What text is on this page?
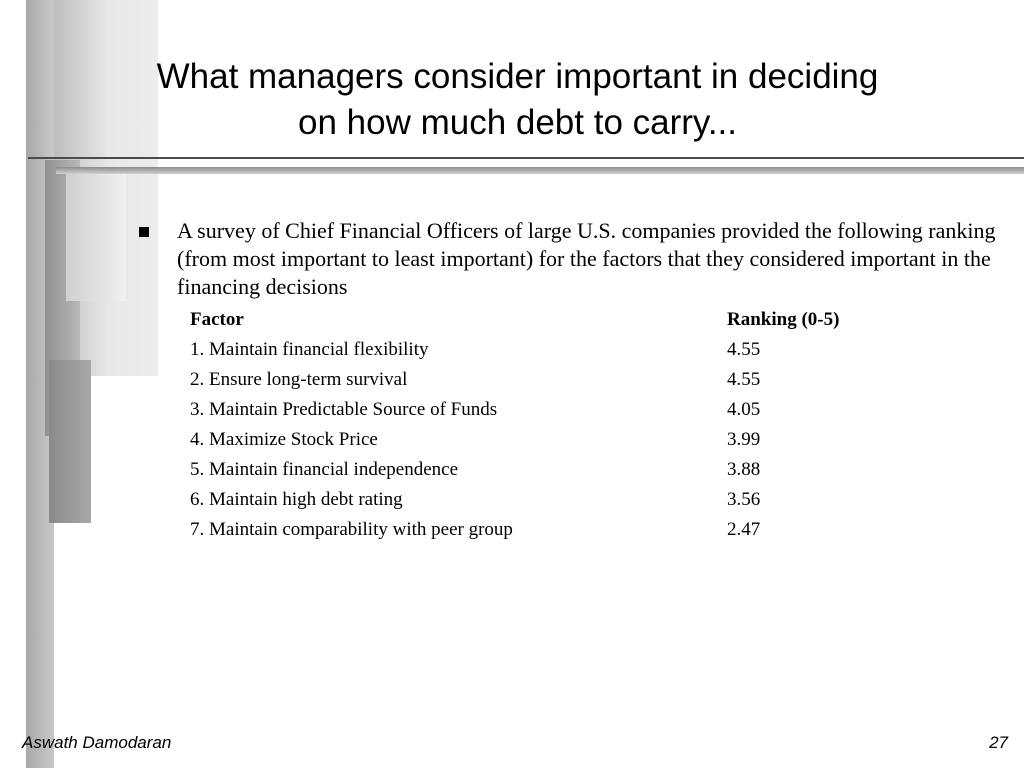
What managers consider important in deciding
on how much debt to carry...
A survey of Chief Financial Officers of large U.S. companies provided the following ranking (from most important to least important) for the factors that they considered important in the financing decisions
Factor	Ranking (0-5)
1. Maintain financial flexibility	4.55
2. Ensure long-term survival	4.55
3. Maintain Predictable Source of Funds	4.05
4. Maximize Stock Price	3.99
5. Maintain financial independence	3.88
6. Maintain high debt rating	3.56
7. Maintain comparability with peer group	2.47
Aswath Damodaran	27
